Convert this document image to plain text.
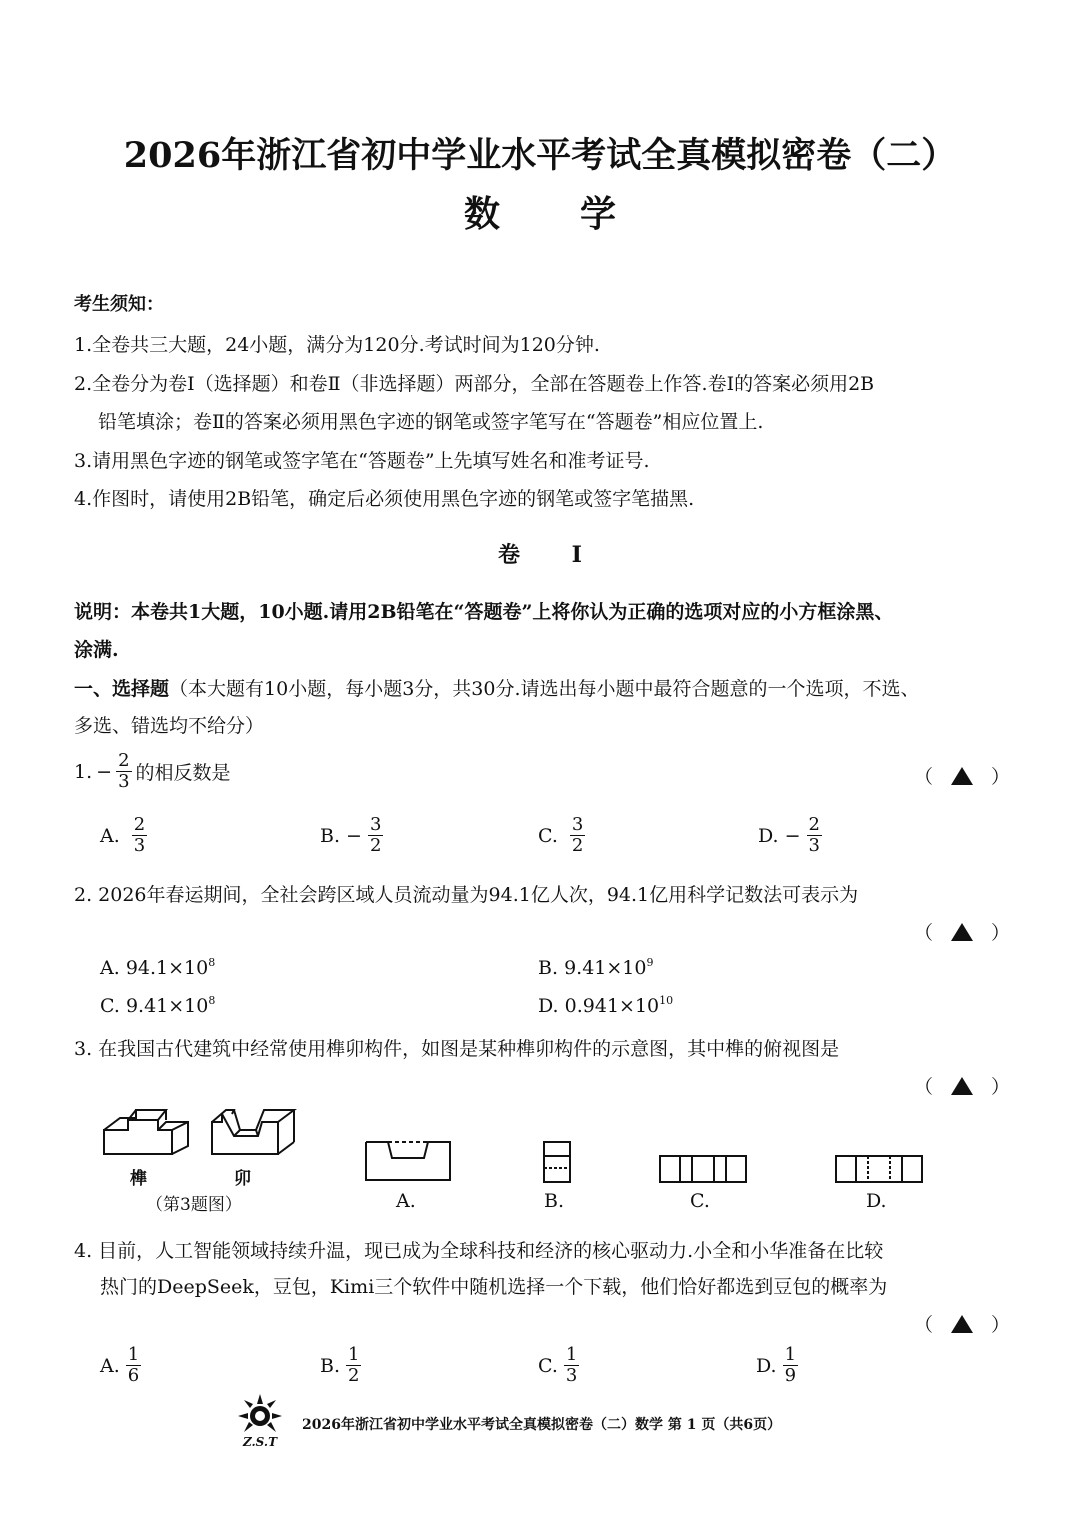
2026年浙江省初中学业水平考试全真模拟密卷（二）
数学
考生须知：
1.全卷共三大题，24小题，满分为120分.考试时间为120分钟.
2.全卷分为卷Ⅰ（选择题）和卷Ⅱ（非选择题）两部分，全部在答题卷上作答.卷Ⅰ的答案必须用2B
铅笔填涂；卷Ⅱ的答案必须用黑色字迹的钢笔或签字笔写在“答题卷”相应位置上.
3.请用黑色字迹的钢笔或签字笔在“答题卷”上先填写姓名和准考证号.
4.作图时，请使用2B铅笔，确定后必须使用黑色字迹的钢笔或签字笔描黑.
卷 Ⅰ
说明：本卷共1大题，10小题.请用2B铅笔在“答题卷”上将你认为正确的选项对应的小方框涂黑、
涂满.
一、选择题（本大题有10小题，每小题3分，共30分.请选出每小题中最符合题意的一个选项，不选、
多选、错选均不给分）
1. − $\frac{2}{3}$ 的相反数是	（	）
A. $\frac{2}{3}$	B. − $\frac{3}{2}$	C. $\frac{3}{2}$	D. − $\frac{2}{3}$
2. 2026年春运期间，全社会跨区域人员流动量为94.1亿人次，94.1亿用科学记数法可表示为
（	）
A. $94.1\times 10^8$	B. $9.41\times 10^9$
C. $9.41\times 10^8$	D. $0.941\times 10^{10}$
3. 在我国古代建筑中经常使用榫卯构件，如图是某种榫卯构件的示意图，其中榫的俯视图是
（	）
榫	卯
（第3题图）	A.	B.	C.	D.
4. 目前，人工智能领域持续升温，现已成为全球科技和经济的核心驱动力.小全和小华准备在比较
热门的DeepSeek，豆包，Kimi三个软件中随机选择一个下载，他们恰好都选到豆包的概率为
（	）
A. $\frac{1}{6}$	B. $\frac{1}{2}$	C. $\frac{1}{3}$	D. $\frac{1}{9}$
Z.S.T
2026年浙江省初中学业水平考试全真模拟密卷（二）数学 第 1 页（共6页）
